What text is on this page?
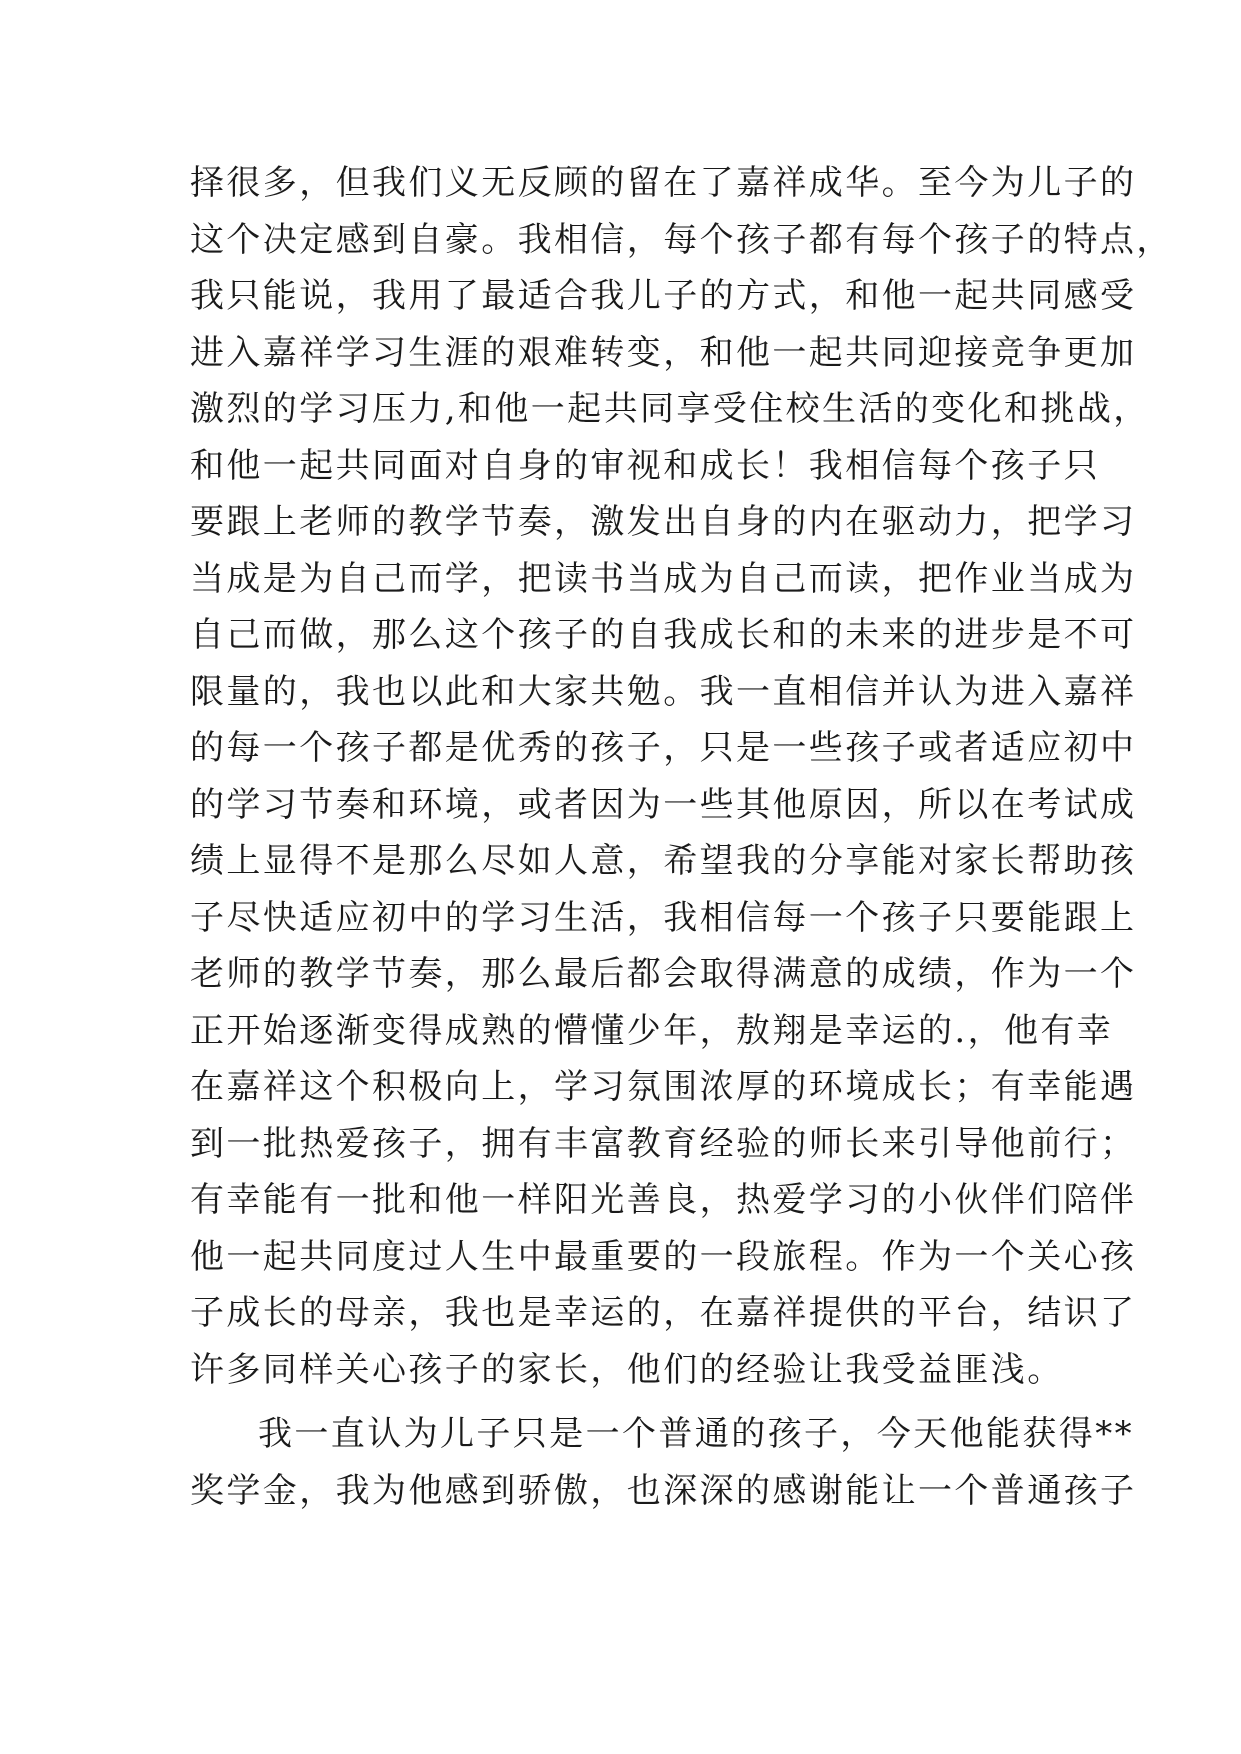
择很多，但我们义无反顾的留在了嘉祥成华。至今为儿子的
这个决定感到自豪。我相信，每个孩子都有每个孩子的特点，
我只能说，我用了最适合我儿子的方式，和他一起共同感受
进入嘉祥学习生涯的艰难转变，和他一起共同迎接竞争更加
激烈的学习压力,和他一起共同享受住校生活的变化和挑战，
和他一起共同面对自身的审视和成长！我相信每个孩子只
要跟上老师的教学节奏，激发出自身的内在驱动力，把学习
当成是为自己而学，把读书当成为自己而读，把作业当成为
自己而做，那么这个孩子的自我成长和的未来的进步是不可
限量的，我也以此和大家共勉。我一直相信并认为进入嘉祥
的每一个孩子都是优秀的孩子，只是一些孩子或者适应初中
的学习节奏和环境，或者因为一些其他原因，所以在考试成
绩上显得不是那么尽如人意，希望我的分享能对家长帮助孩
子尽快适应初中的学习生活，我相信每一个孩子只要能跟上
老师的教学节奏，那么最后都会取得满意的成绩，作为一个
正开始逐渐变得成熟的懵懂少年，敖翔是幸运的.，他有幸
在嘉祥这个积极向上，学习氛围浓厚的环境成长；有幸能遇
到一批热爱孩子，拥有丰富教育经验的师长来引导他前行；
有幸能有一批和他一样阳光善良，热爱学习的小伙伴们陪伴
他一起共同度过人生中最重要的一段旅程。作为一个关心孩
子成长的母亲，我也是幸运的，在嘉祥提供的平台，结识了
许多同样关心孩子的家长，他们的经验让我受益匪浅。
我一直认为儿子只是一个普通的孩子，今天他能获得**
奖学金，我为他感到骄傲，也深深的感谢能让一个普通孩子
